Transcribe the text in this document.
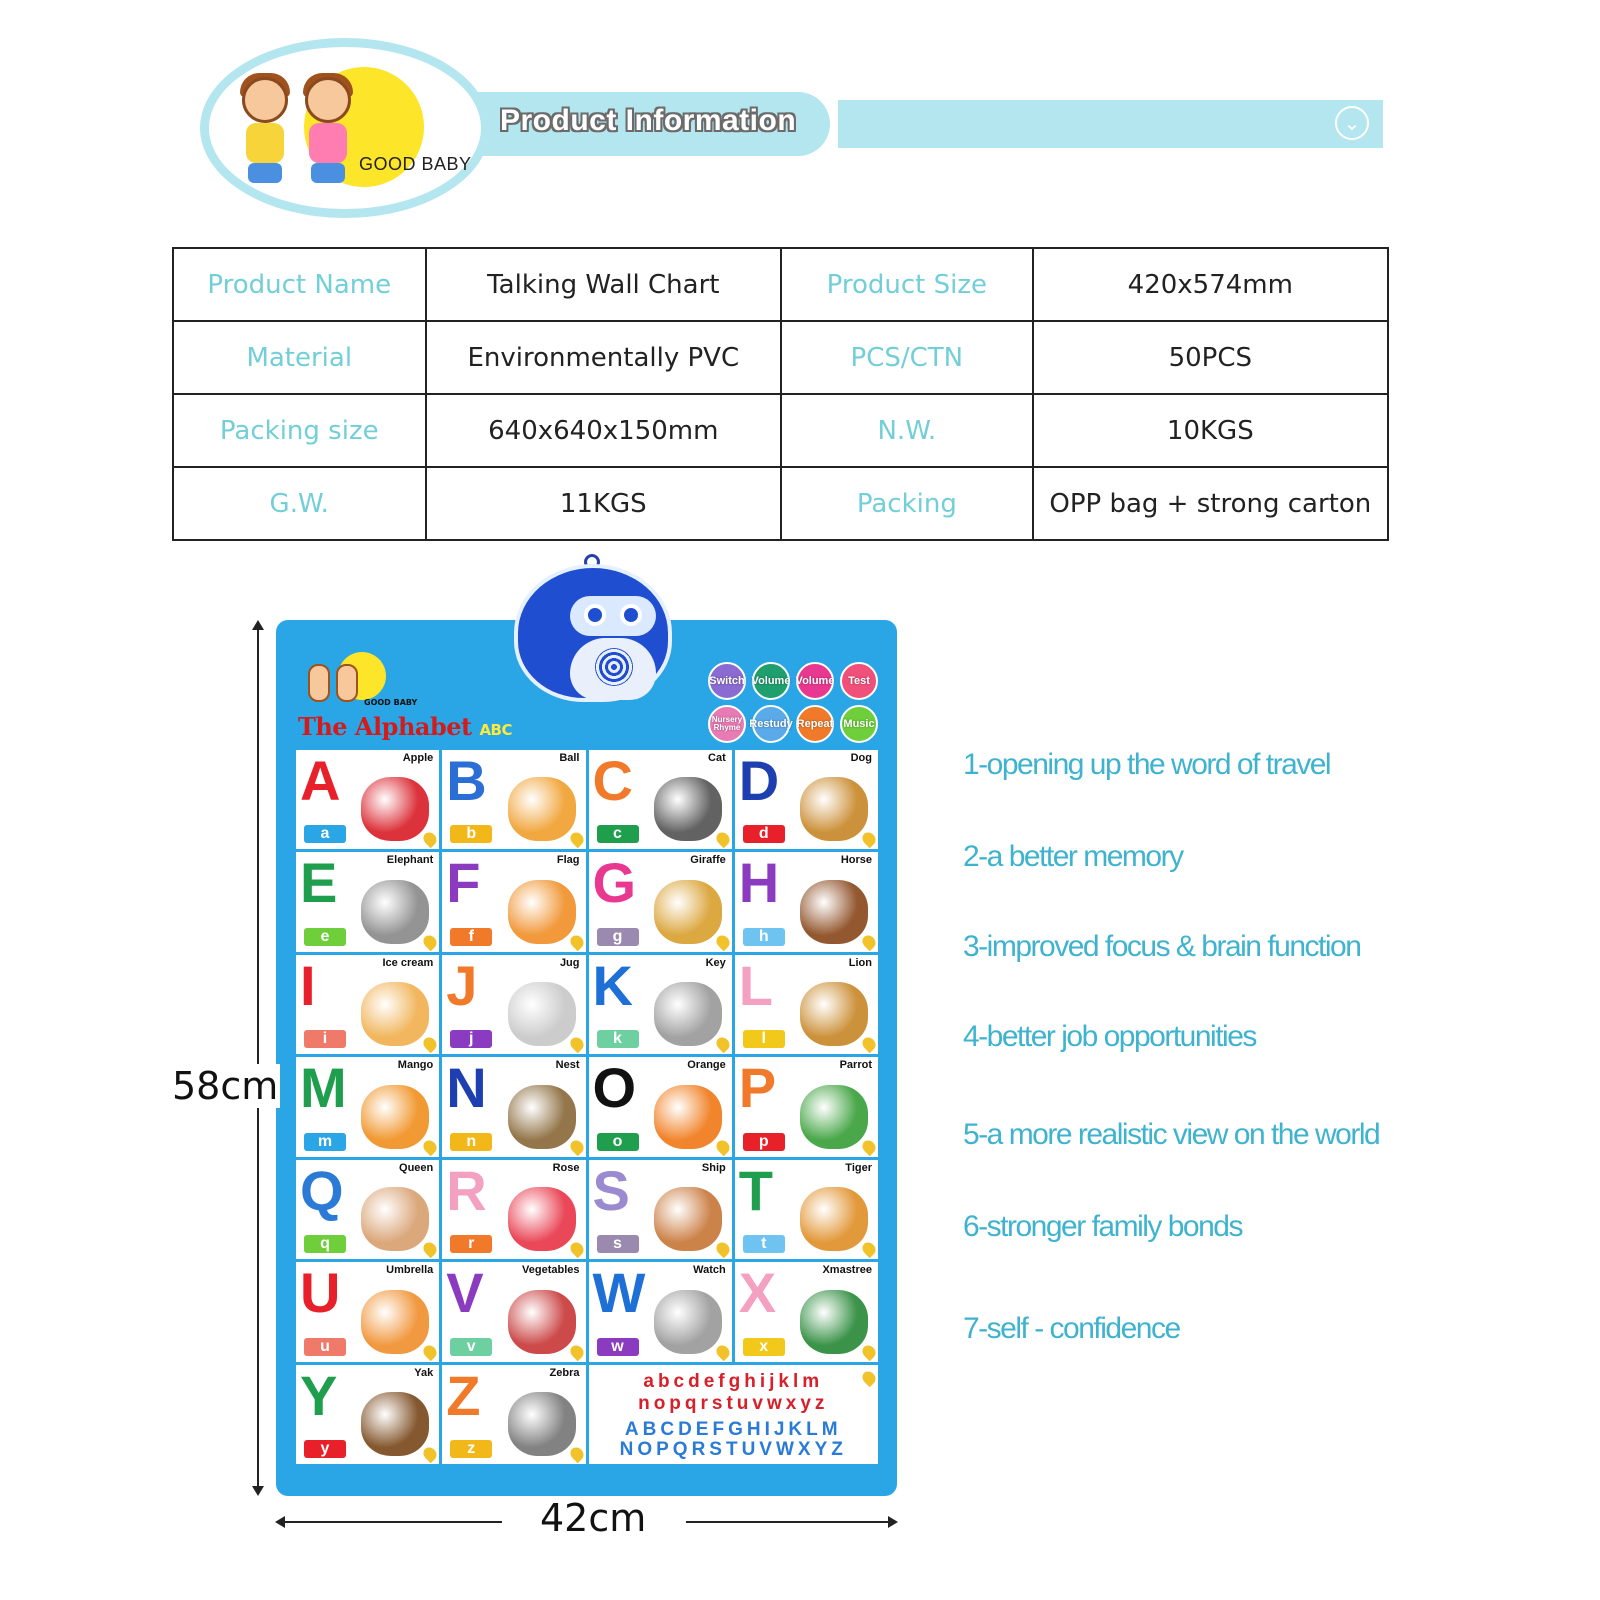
GOOD BABY
Product Information	⌄
Product Name	Talking Wall Chart	Product Size	420x574mm
Material	Environmentally PVC	PCS/CTN	50PCS
Packing size	640x640x150mm	N.W.	10KGS
G.W.	11KGS	Packing	OPP bag + strong carton
GOOD BABY
The Alphabet ABC
Switch Volume Volume	Test
Nursery Rhyme Restudy Repeat Music
A	Apple
a
B	Ball
b
C	Cat
c
D	Dog
d
E	Elephant
e
F	Flag
f
G	Giraffe
g
H	Horse
h
I	Ice cream
i
J	Jug
j
K	Key
k
L	Lion
l
M	Mango
m
N	Nest
n
O	Orange
o
P	Parrot
p
Q	Queen
q
R	Rose
r
S	Ship
s
T	Tiger
t
U	Umbrella
u
V	Vegetables
v
W	Watch
w
X	Xmastree
x
Y	Yak
y
Z	Zebra
z
abcdefghijklm
nopqrstuvwxyz
ABCDEFGHIJKLM
NOPQRSTUVWXYZ
58cm
42cm
1-opening up the word of travel
2-a better memory
3-improved focus & brain function
4-better job opportunities
5-a more realistic view on the world
6-stronger family bonds
7-self - confidence
